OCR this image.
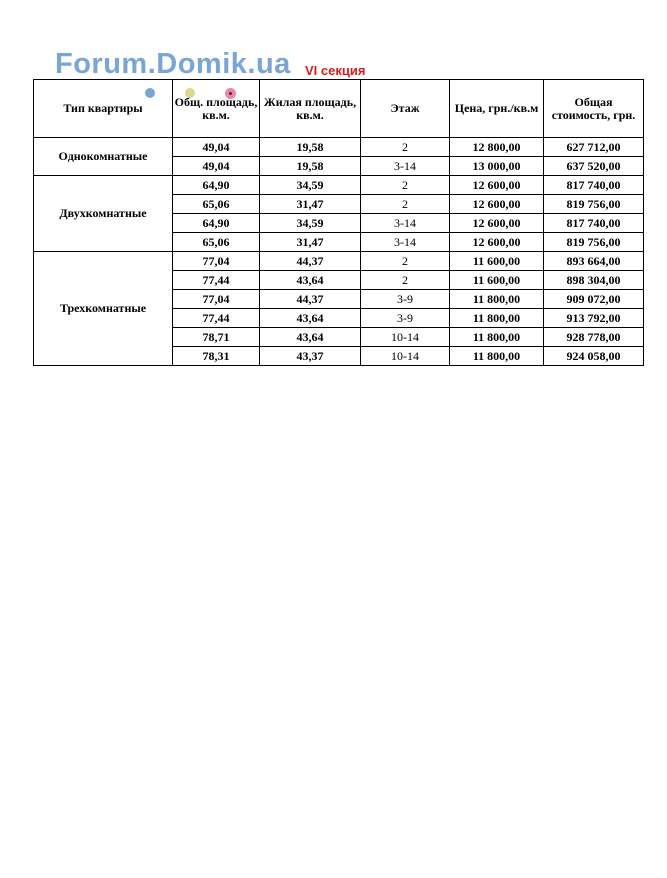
Forum.Domik.ua VI секция
Тип квартиры	Общ. площадь, кв.м.	Жилая площадь, кв.м.	Этаж	Цена, грн./кв.м	Общая стоимость, грн.
Однокомнатные	49,04	19,58	2	12 800,00	627 712,00
	49,04	19,58	3-14	13 000,00	637 520,00
Двухкомнатные	64,90	34,59	2	12 600,00	817 740,00
	65,06	31,47	2	12 600,00	819 756,00
	64,90	34,59	3-14	12 600,00	817 740,00
	65,06	31,47	3-14	12 600,00	819 756,00
Трехкомнатные	77,04	44,37	2	11 600,00	893 664,00
	77,44	43,64	2	11 600,00	898 304,00
	77,04	44,37	3-9	11 800,00	909 072,00
	77,44	43,64	3-9	11 800,00	913 792,00
	78,71	43,64	10-14	11 800,00	928 778,00
	78,31	43,37	10-14	11 800,00	924 058,00
